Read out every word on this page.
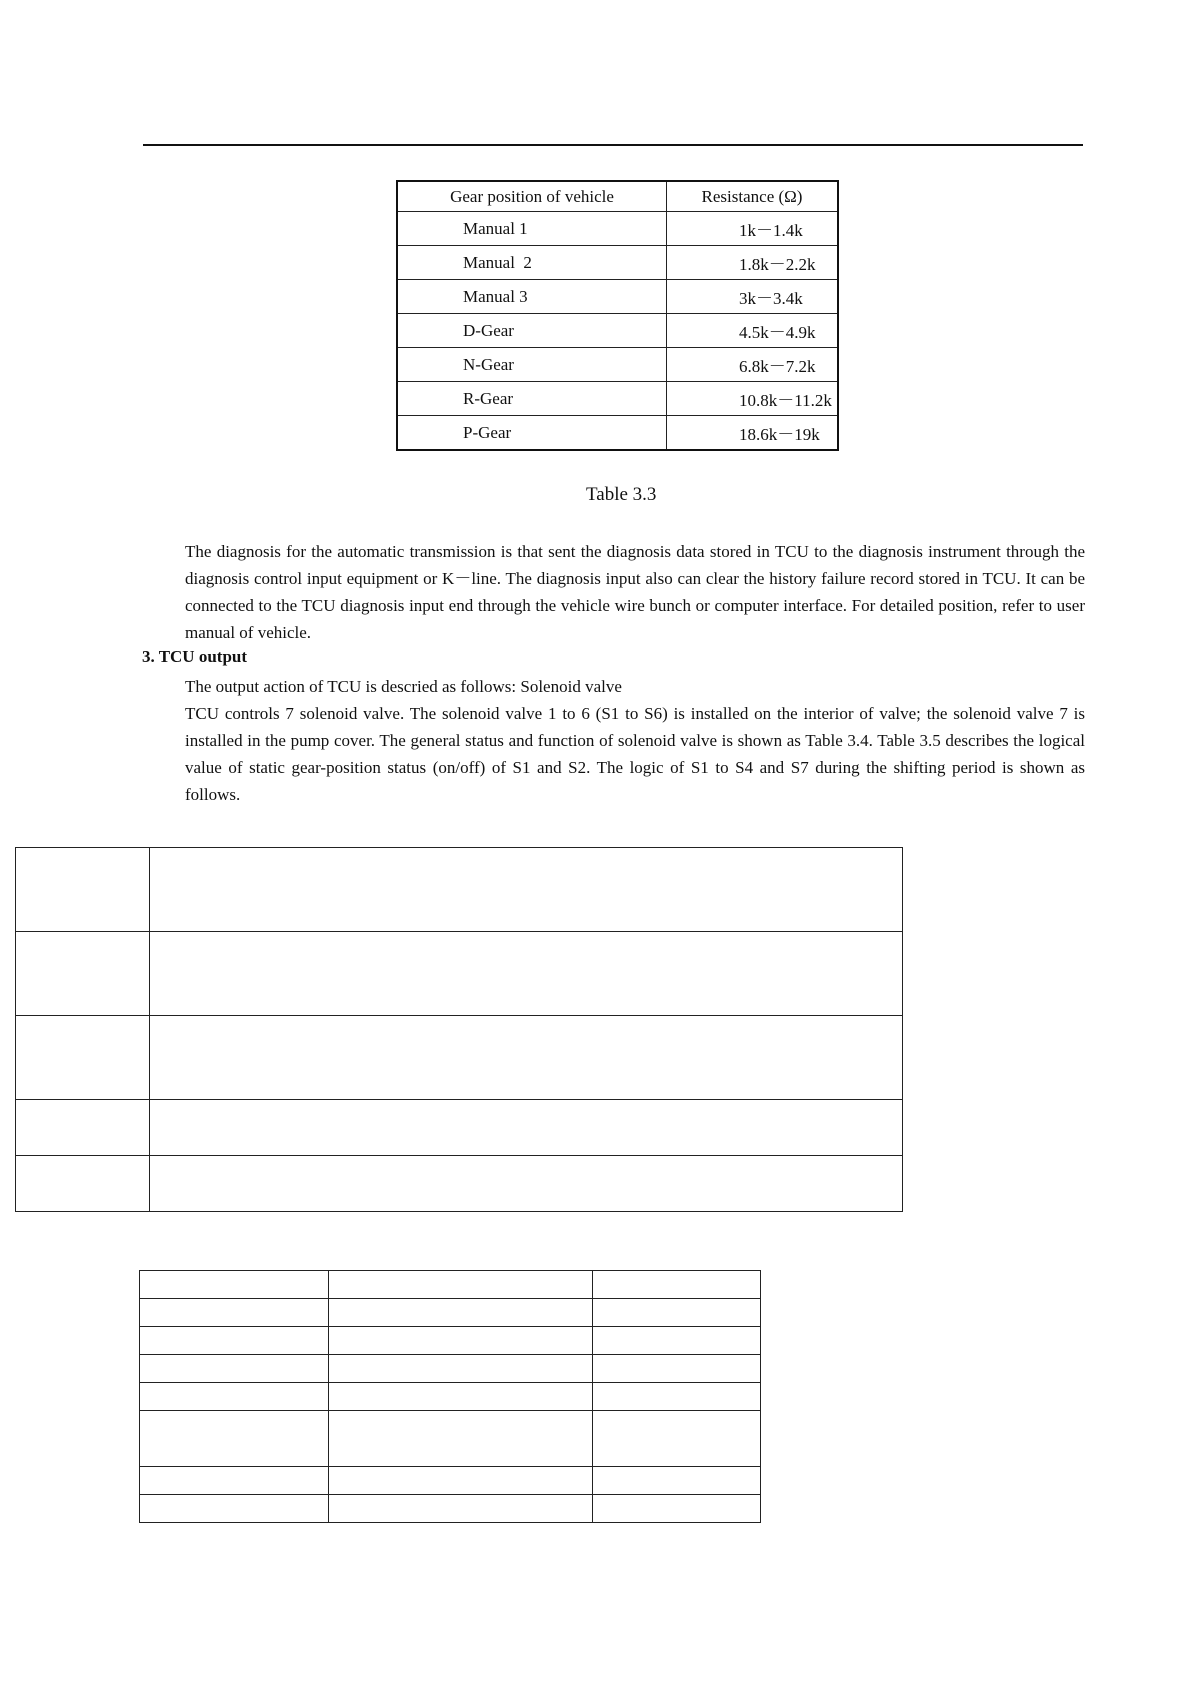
Gear position of vehicle	Resistance (Ω)
Manual 1	1k－1.4k
Manual  2	1.8k－2.2k
Manual 3	3k－3.4k
D-Gear	4.5k－4.9k
N-Gear	6.8k－7.2k
R-Gear	10.8k－11.2k
P-Gear	18.6k－19k
Table 3.3
The diagnosis for the automatic transmission is that sent the diagnosis data stored in TCU to the diagnosis instrument through the diagnosis control input equipment or K－line. The diagnosis input also can clear the history failure record stored in TCU. It can be connected to the TCU diagnosis input end through the vehicle wire bunch or computer interface. For detailed position, refer to user manual of vehicle.
3. TCU output
The output action of TCU is descried as follows: Solenoid valve
TCU controls 7 solenoid valve. The solenoid valve 1 to 6 (S1 to S6) is installed on the interior of valve; the solenoid valve 7 is installed in the pump cover. The general status and function of solenoid valve is shown as Table 3.4. Table 3.5 describes the logical value of static gear-position status (on/off) of S1 and S2. The logic of S1 to S4 and S7 during the shifting period is shown as follows.
